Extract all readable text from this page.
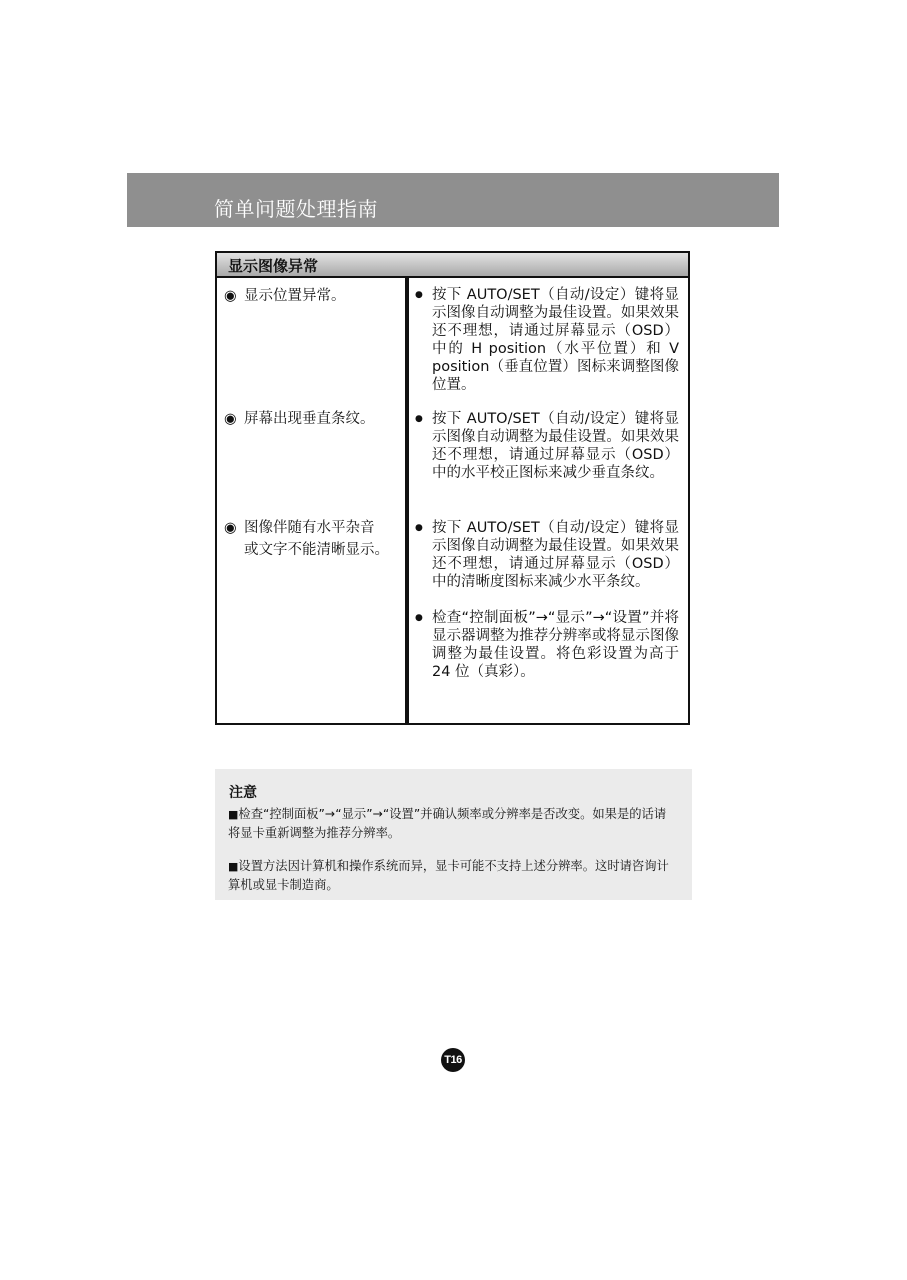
简单问题处理指南
显示图像异常
◉ 显示位置异常。	● 按下 AUTO/SET（自动/设定）键将显示图像自动调整为最佳设置。如果效果还不理想，请通过屏幕显示（OSD）中的 H position（水平位置）和 V position（垂直位置）图标来调整图像位置。
◉ 屏幕出现垂直条纹。	● 按下 AUTO/SET（自动/设定）键将显示图像自动调整为最佳设置。如果效果还不理想，请通过屏幕显示（OSD）中的水平校正图标来减少垂直条纹。
◉ 图像伴随有水平杂音
或文字不能清晰显示。
● 按下 AUTO/SET（自动/设定）键将显示图像自动调整为最佳设置。如果效果还不理想，请通过屏幕显示（OSD）中的清晰度图标来减少水平条纹。
● 检查“控制面板”→“显示”→“设置”并将显示器调整为推荐分辨率或将显示图像调整为最佳设置。将色彩设置为高于 24 位（真彩）。
注意
■检查“控制面板”→“显示”→“设置”并确认频率或分辨率是否改变。如果是的话请将显卡重新调整为推荐分辨率。
■设置方法因计算机和操作系统而异，显卡可能不支持上述分辨率。这时请咨询计算机或显卡制造商。
T16
